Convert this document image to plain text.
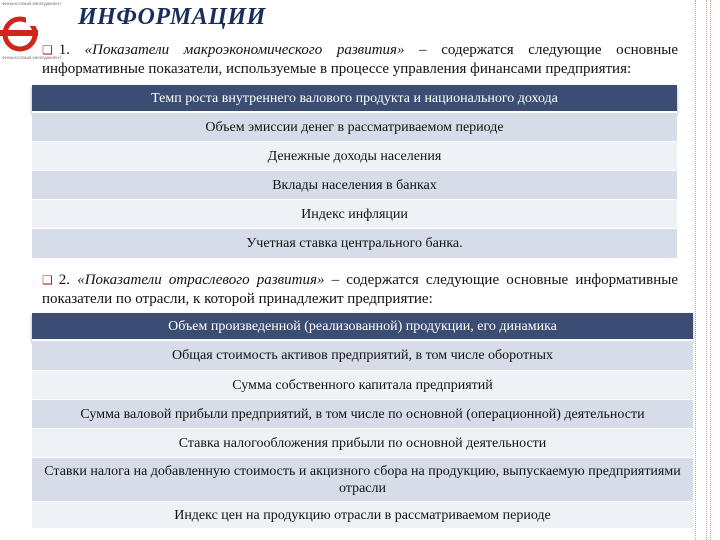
ФИНАНСОВЫЙ МЕНЕДЖМЕНТ
ФИНАНСОВЫЙ МЕНЕДЖМЕНТ
ИНФОРМАЦИИ
❑ 1. «Показатели макроэкономического развития» – содержатся следующие основные информативные показатели, используемые в процессе управления финансами предприятия:
Темп роста внутреннего валового продукта и национального дохода
Объем эмиссии денег в рассматриваемом периоде
Денежные доходы населения
Вклады населения в банках
Индекс инфляции
Учетная ставка центрального банка.
❑ 2. «Показатели отраслевого развития» – содержатся следующие основные информативные показатели по отрасли, к которой принадлежит предприятие:
Объем произведенной (реализованной) продукции, его динамика
Общая стоимость активов предприятий, в том числе оборотных
Сумма собственного капитала предприятий
Сумма валовой прибыли предприятий, в том числе по основной (операционной) деятельности
Ставка налогообложения прибыли по основной деятельности
Ставки налога на добавленную стоимость и акцизного сбора на продукцию, выпускаемую предприятиями отрасли
Индекс цен на продукцию отрасли в рассматриваемом периоде
